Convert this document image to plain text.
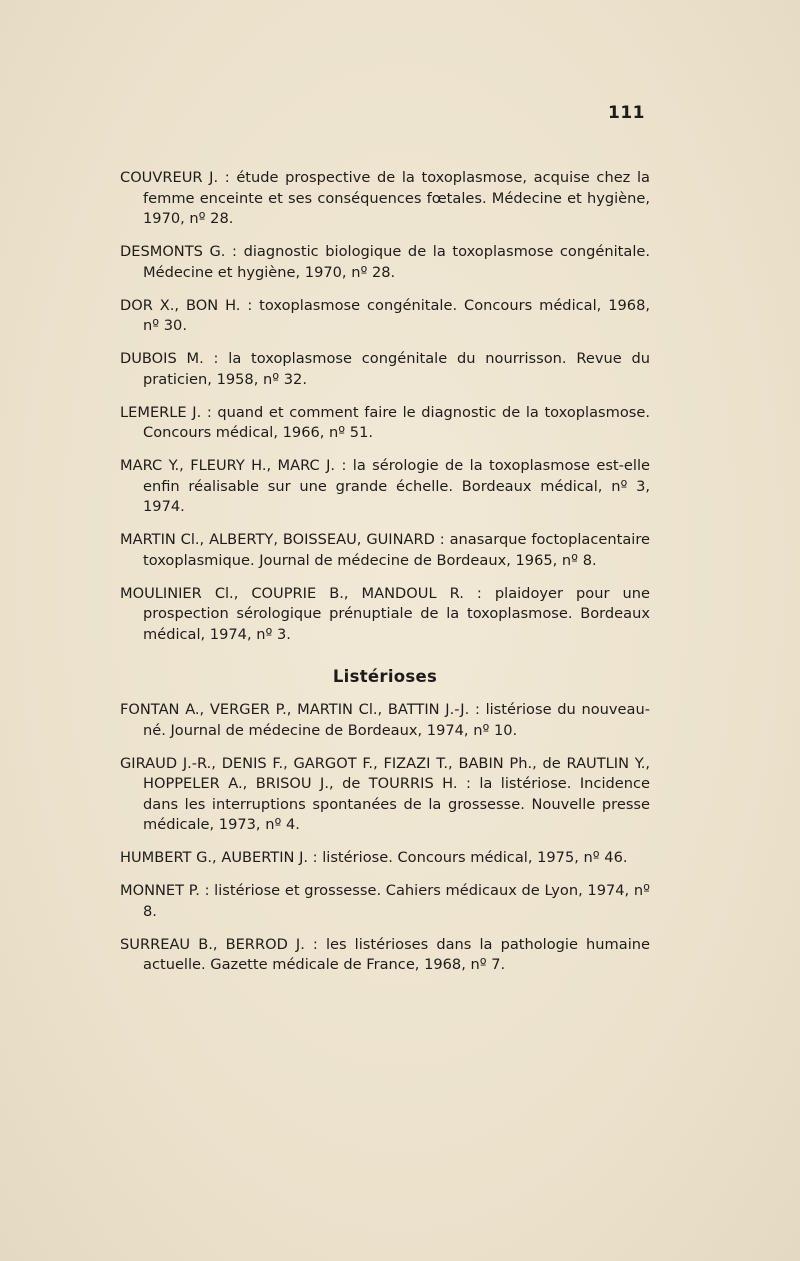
111

COUVREUR J. : étude prospective de la toxoplasmose, acquise chez la femme enceinte et ses conséquences fœtales. Médecine et hygiène, 1970, nº 28.

DESMONTS G. : diagnostic biologique de la toxoplasmose congénitale. Médecine et hygiène, 1970, nº 28.

DOR X., BON H. : toxoplasmose congénitale. Concours médical, 1968, nº 30.

DUBOIS M. : la toxoplasmose congénitale du nourrisson. Revue du praticien, 1958, nº 32.

LEMERLE J. : quand et comment faire le diagnostic de la toxoplasmose. Concours médical, 1966, nº 51.

MARC Y., FLEURY H., MARC J. : la sérologie de la toxoplasmose est-elle enfin réalisable sur une grande échelle. Bordeaux médical, nº 3, 1974.

MARTIN Cl., ALBERTY, BOISSEAU, GUINARD : anasarque foctoplacentaire toxoplasmique. Journal de médecine de Bordeaux, 1965, nº 8.

MOULINIER Cl., COUPRIE B., MANDOUL R. : plaidoyer pour une prospection sérologique prénuptiale de la toxoplasmose. Bordeaux médical, 1974, nº 3.

Listérioses

FONTAN A., VERGER P., MARTIN Cl., BATTIN J.-J. : listériose du nouveau-né. Journal de médecine de Bordeaux, 1974, nº 10.

GIRAUD J.-R., DENIS F., GARGOT F., FIZAZI T., BABIN Ph., de RAUTLIN Y., HOPPELER A., BRISOU J., de TOURRIS H. : la listériose. Incidence dans les interruptions spontanées de la grossesse. Nouvelle presse médicale, 1973, nº 4.

HUMBERT G., AUBERTIN J. : listériose. Concours médical, 1975, nº 46.

MONNET P. : listériose et grossesse. Cahiers médicaux de Lyon, 1974, nº 8.

SURREAU B., BERROD J. : les listérioses dans la pathologie humaine actuelle. Gazette médicale de France, 1968, nº 7.
